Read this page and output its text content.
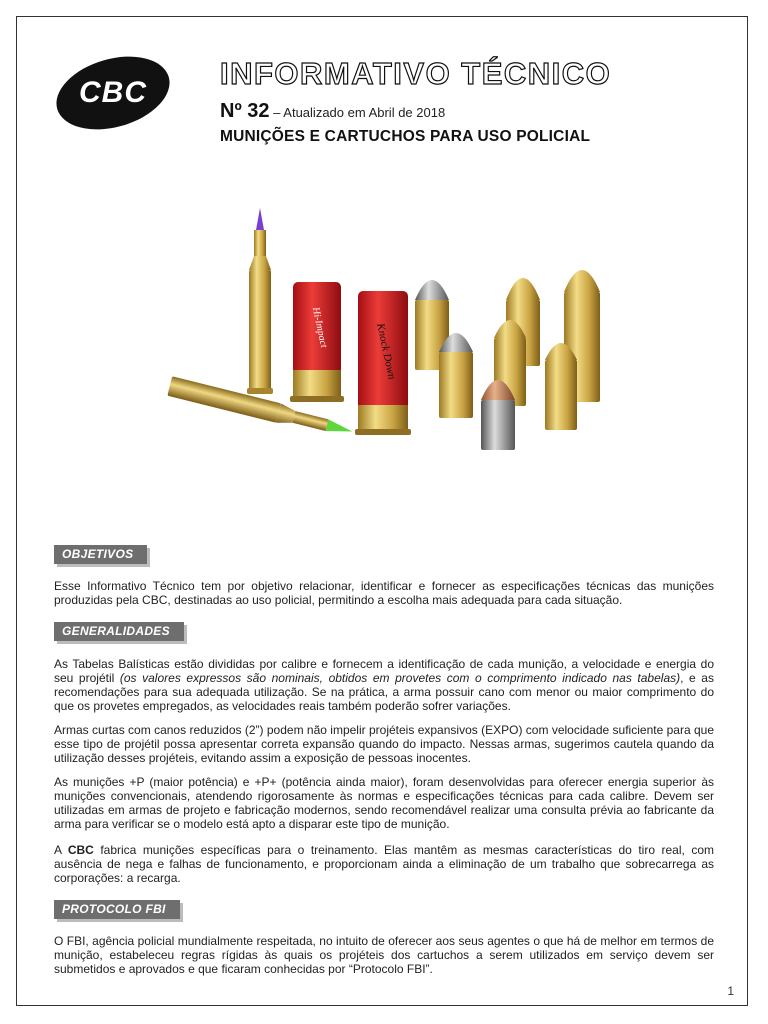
CBC
INFORMATIVO TÉCNICO
Nº 32 – Atualizado em Abril de 2018
MUNIÇÕES E CARTUCHOS PARA USO POLICIAL
Hi-Impact	Knock Down
OBJETIVOS

Esse Informativo Técnico tem por objetivo relacionar, identificar e fornecer as especificações técnicas das munições produzidas pela CBC, destinadas ao uso policial, permitindo a escolha mais adequada para cada situação.

GENERALIDADES

As Tabelas Balísticas estão divididas por calibre e fornecem a identificação de cada munição, a velocidade e energia do seu projétil (os valores expressos são nominais, obtidos em provetes com o comprimento indicado nas tabelas), e as recomendações para sua adequada utilização. Se na prática, a arma possuir cano com menor ou maior comprimento do que os provetes empregados, as velocidades reais também poderão sofrer variações.

Armas curtas com canos reduzidos (2”) podem não impelir projéteis expansivos (EXPO) com velocidade suficiente para que esse tipo de projétil possa apresentar correta expansão quando do impacto. Nessas armas, sugerimos cautela quando da utilização desses projéteis, evitando assim a exposição de pessoas inocentes.

As munições +P (maior potência) e +P+ (potência ainda maior), foram desenvolvidas para oferecer energia superior às munições convencionais, atendendo rigorosamente às normas e especificações técnicas para cada calibre. Devem ser utilizadas em armas de projeto e fabricação modernos, sendo recomendável realizar uma consulta prévia ao fabricante da arma para verificar se o modelo está apto a disparar este tipo de munição.

A CBC fabrica munições específicas para o treinamento. Elas mantêm as mesmas características do tiro real, com ausência de nega e falhas de funcionamento, e proporcionam ainda a eliminação de um trabalho que sobrecarrega as corporações: a recarga.

PROTOCOLO FBI

O FBI, agência policial mundialmente respeitada, no intuito de oferecer aos seus agentes o que há de melhor em termos de munição, estabeleceu regras rígidas às quais os projéteis dos cartuchos a serem utilizados em serviço devem ser submetidos e aprovados e que ficaram conhecidas por “Protocolo FBI”.

1
